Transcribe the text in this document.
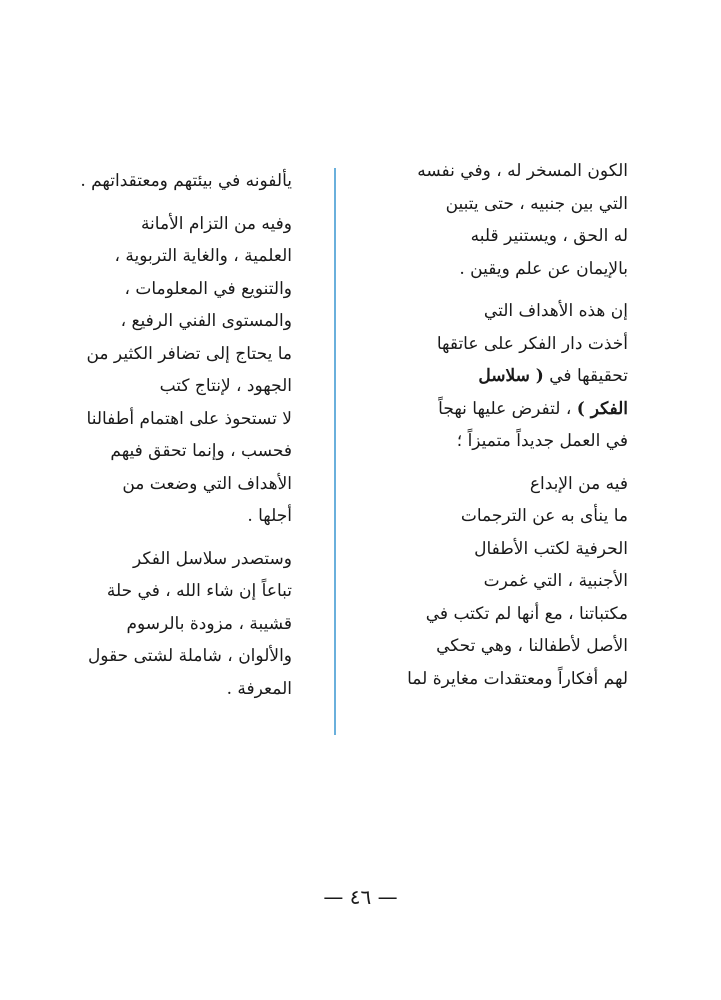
الكون المسخر له ، وفي نفسه
التي بين جنبيه ، حتى يتبين
له الحق ، ويستنير قلبه
بالإيمان عن علم ويقين .

إن هذه الأهداف التي
أخذت دار الفكر على عاتقها
تحقيقها في ( سلاسل
الفكر ) ، لتفرض عليها نهجاً
في العمل جديداً متميزاً ؛

فيه من الإبداع
ما ينأى به عن الترجمات
الحرفية لكتب الأطفال
الأجنبية ، التي غمرت
مكتباتنا ، مع أنها لم تكتب في
الأصل لأطفالنا ، وهي تحكي
لهم أفكاراً ومعتقدات مغايرة لما

يألفونه في بيئتهم ومعتقداتهم .

وفيه من التزام الأمانة
العلمية ، والغاية التربوية ،
والتنويع في المعلومات ،
والمستوى الفني الرفيع ،
ما يحتاج إلى تضافر الكثير من
الجهود ، لإنتاج كتب
لا تستحوذ على اهتمام أطفالنا
فحسب ، وإنما تحقق فيهم
الأهداف التي وضعت من
أجلها .

وستصدر سلاسل الفكر
تباعاً إن شاء الله ، في حلة
قشيبة ، مزودة بالرسوم
والألوان ، شاملة لشتى حقول
المعرفة .

— ٤٦ —
